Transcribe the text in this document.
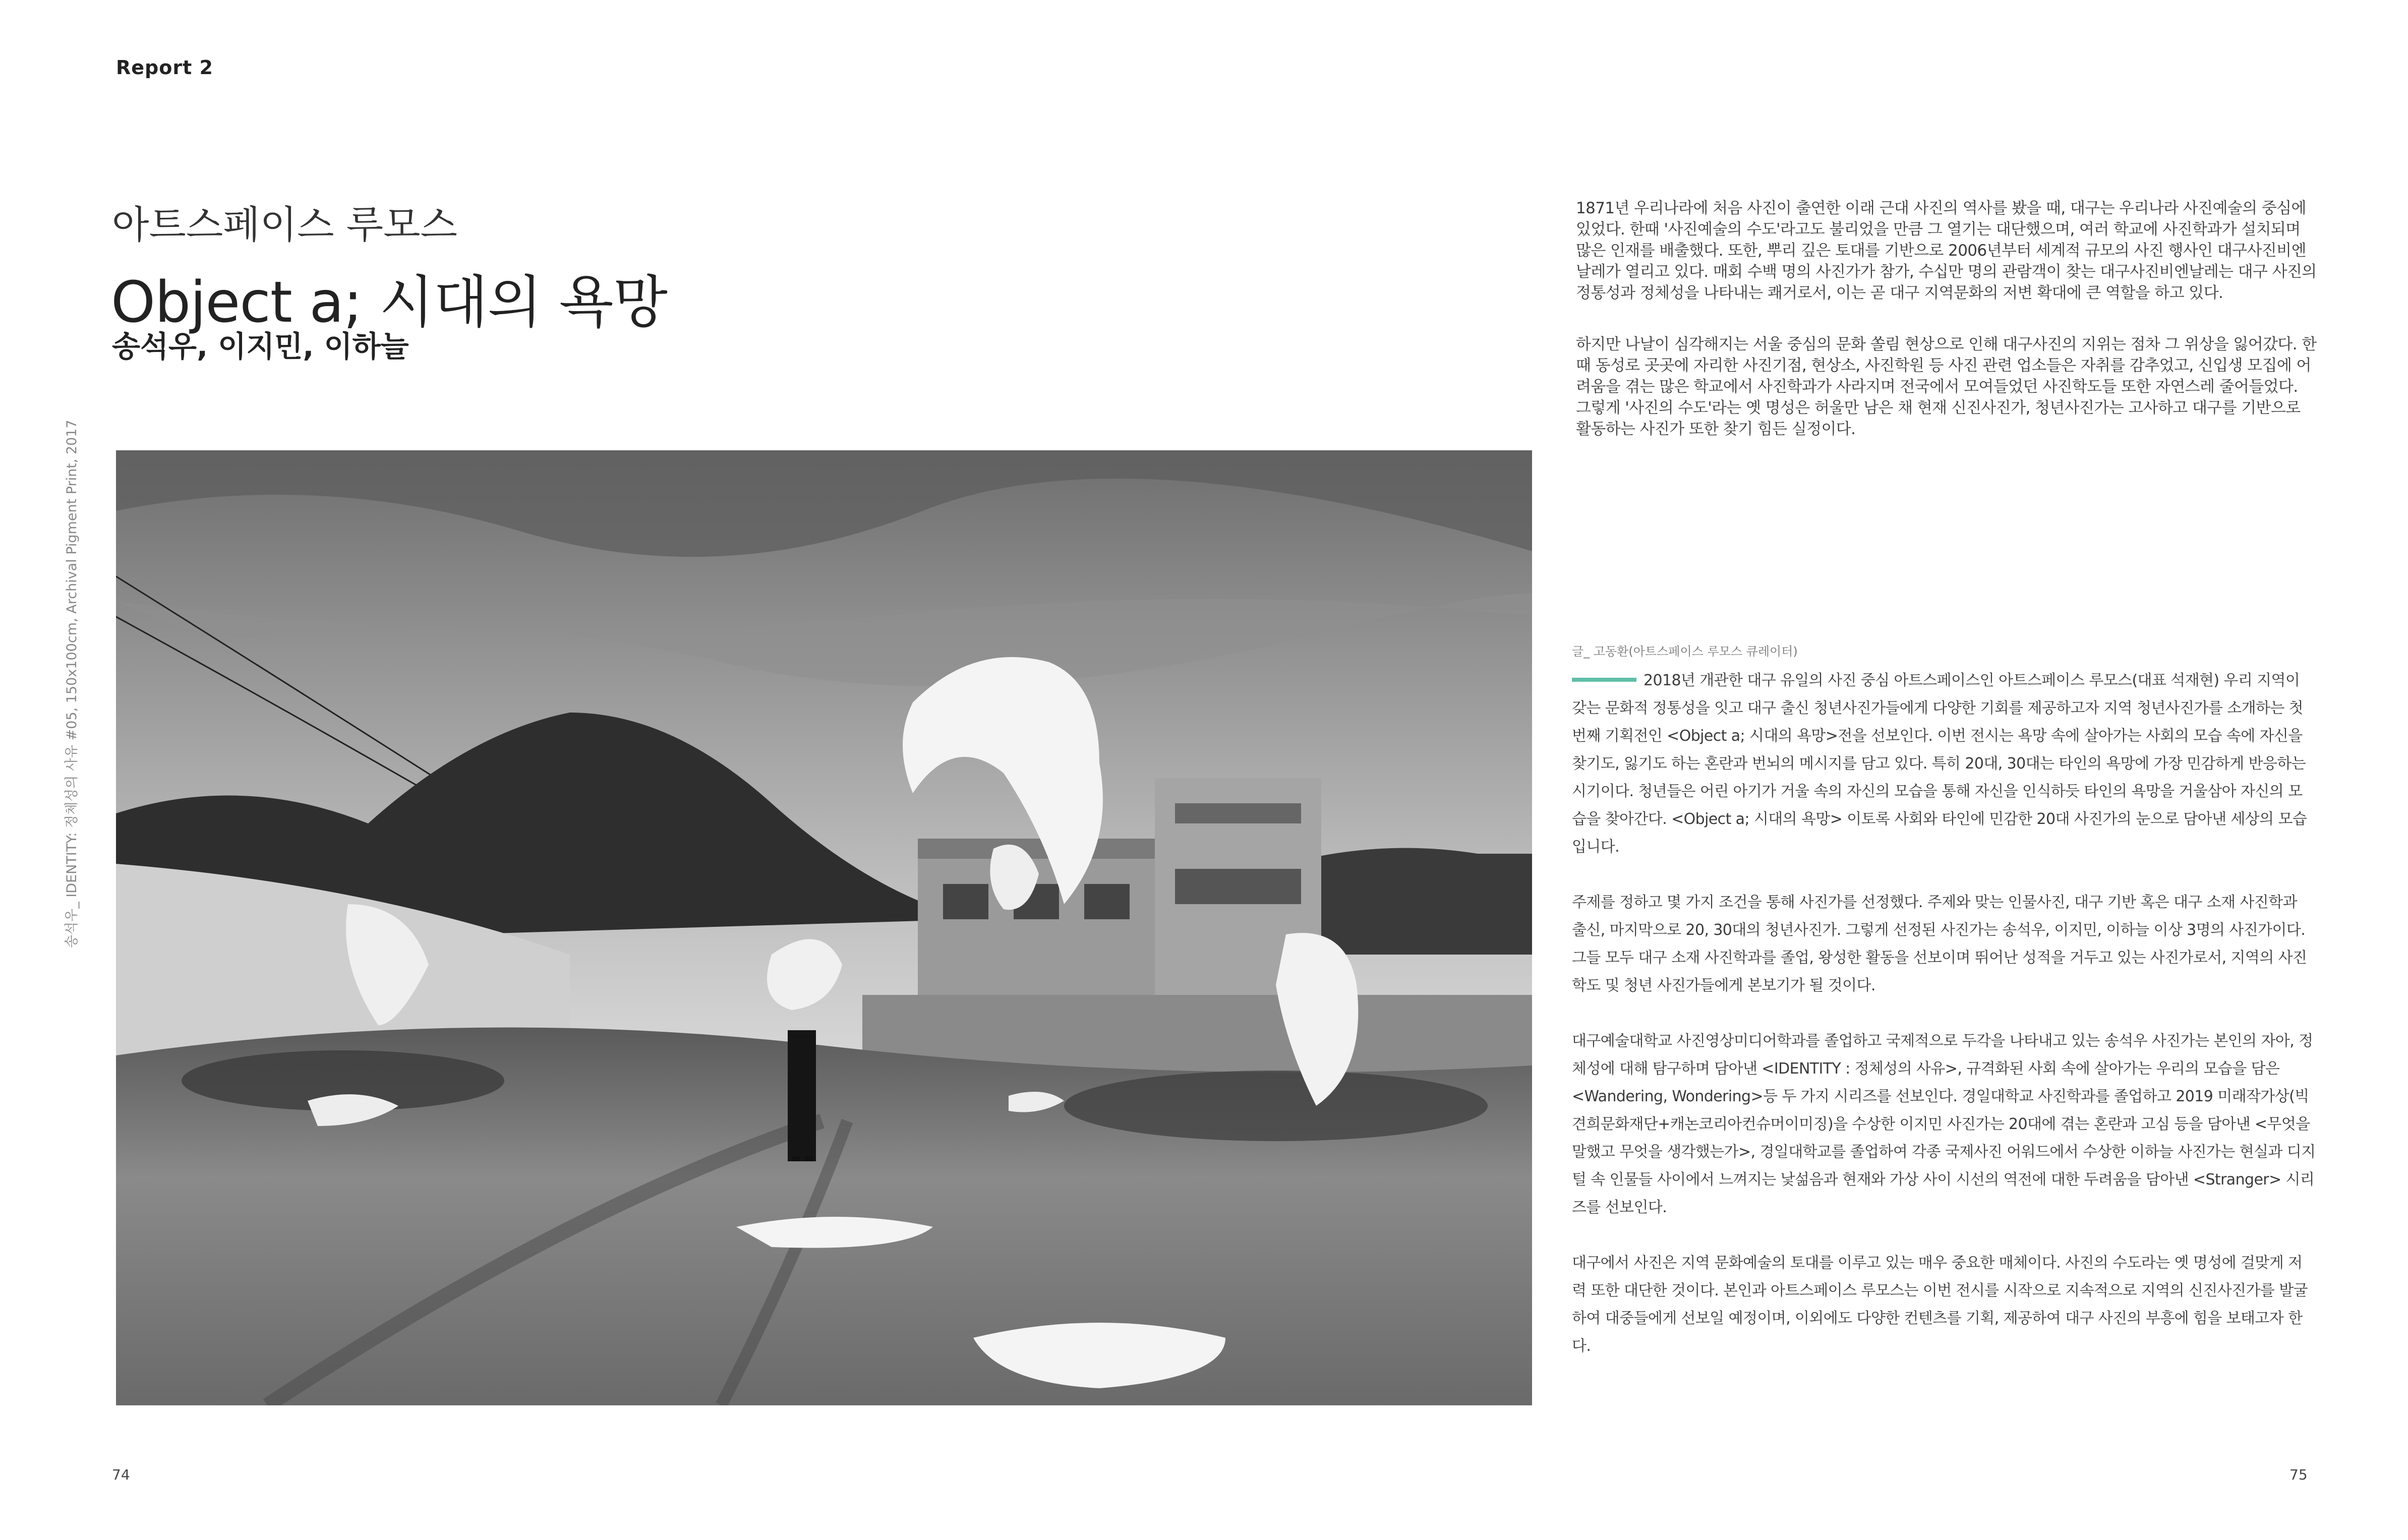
Report 2
아트스페이스 루모스
Object a; 시대의 욕망
송석우, 이지민, 이하늘
송석우_ IDENTITY: 정체성의 사유 #05, 150x100cm, Archival Pigment Print, 2017

1871년 우리나라에 처음 사진이 출연한 이래 근대 사진의 역사를 봤을 때, 대구는 우리나라 사진예술의 중심에 있었다. 한때 '사진예술의 수도'라고도 불리었을 만큼 그 열기는 대단했으며, 여러 학교에 사진학과가 설치되며 많은 인재를 배출했다. 또한, 뿌리 깊은 토대를 기반으로 2006년부터 세계적 규모의 사진 행사인 대구사진비엔날레가 열리고 있다. 매회 수백 명의 사진가가 참가, 수십만 명의 관람객이 찾는 대구사진비엔날레는 대구 사진의 정통성과 정체성을 나타내는 쾌거로서, 이는 곧 대구 지역문화의 저변 확대에 큰 역할을 하고 있다.

하지만 나날이 심각해지는 서울 중심의 문화 쏠림 현상으로 인해 대구사진의 지위는 점차 그 위상을 잃어갔다. 한때 동성로 곳곳에 자리한 사진기점, 현상소, 사진학원 등 사진 관련 업소들은 자취를 감추었고, 신입생 모집에 어려움을 겪는 많은 학교에서 사진학과가 사라지며 전국에서 모여들었던 사진학도들 또한 자연스레 줄어들었다. 그렇게 '사진의 수도'라는 옛 명성은 허울만 남은 채 현재 신진사진가, 청년사진가는 고사하고 대구를 기반으로 활동하는 사진가 또한 찾기 힘든 실정이다.

글_ 고동환(아트스페이스 루모스 큐레이터)

2018년 개관한 대구 유일의 사진 중심 아트스페이스인 아트스페이스 루모스(대표 석재현) 우리 지역이 갖는 문화적 정통성을 잇고 대구 출신 청년사진가들에게 다양한 기회를 제공하고자 지역 청년사진가를 소개하는 첫 번째 기획전인 <Object a; 시대의 욕망>전을 선보인다. 이번 전시는 욕망 속에 살아가는 사회의 모습 속에 자신을 찾기도, 잃기도 하는 혼란과 번뇌의 메시지를 담고 있다. 특히 20대, 30대는 타인의 욕망에 가장 민감하게 반응하는 시기이다. 청년들은 어린 아기가 거울 속의 자신의 모습을 통해 자신을 인식하듯 타인의 욕망을 거울삼아 자신의 모습을 찾아간다. <Object a; 시대의 욕망> 이토록 사회와 타인에 민감한 20대 사진가의 눈으로 담아낸 세상의 모습입니다.

주제를 정하고 몇 가지 조건을 통해 사진가를 선정했다. 주제와 맞는 인물사진, 대구 기반 혹은 대구 소재 사진학과 출신, 마지막으로 20, 30대의 청년사진가. 그렇게 선정된 사진가는 송석우, 이지민, 이하늘 이상 3명의 사진가이다. 그들 모두 대구 소재 사진학과를 졸업, 왕성한 활동을 선보이며 뛰어난 성적을 거두고 있는 사진가로서, 지역의 사진학도 및 청년 사진가들에게 본보기가 될 것이다.

대구예술대학교 사진영상미디어학과를 졸업하고 국제적으로 두각을 나타내고 있는 송석우 사진가는 본인의 자아, 정체성에 대해 탐구하며 담아낸 <IDENTITY : 정체성의 사유>, 규격화된 사회 속에 살아가는 우리의 모습을 담은 <Wandering, Wondering>등 두 가지 시리즈를 선보인다. 경일대학교 사진학과를 졸업하고 2019 미래작가상(빅견희문화재단+캐논코리아컨슈머이미징)을 수상한 이지민 사진가는 20대에 겪는 혼란과 고심 등을 담아낸 <무엇을 말했고 무엇을 생각했는가>, 경일대학교를 졸업하여 각종 국제사진 어워드에서 수상한 이하늘 사진가는 현실과 디지털 속 인물들 사이에서 느껴지는 낯섦음과 현재와 가상 사이 시선의 역전에 대한 두려움을 담아낸 <Stranger> 시리즈를 선보인다.

대구에서 사진은 지역 문화예술의 토대를 이루고 있는 매우 중요한 매체이다. 사진의 수도라는 옛 명성에 걸맞게 저력 또한 대단한 것이다. 본인과 아트스페이스 루모스는 이번 전시를 시작으로 지속적으로 지역의 신진사진가를 발굴하여 대중들에게 선보일 예정이며, 이외에도 다양한 컨텐츠를 기획, 제공하여 대구 사진의 부흥에 힘을 보태고자 한다.

74	75
